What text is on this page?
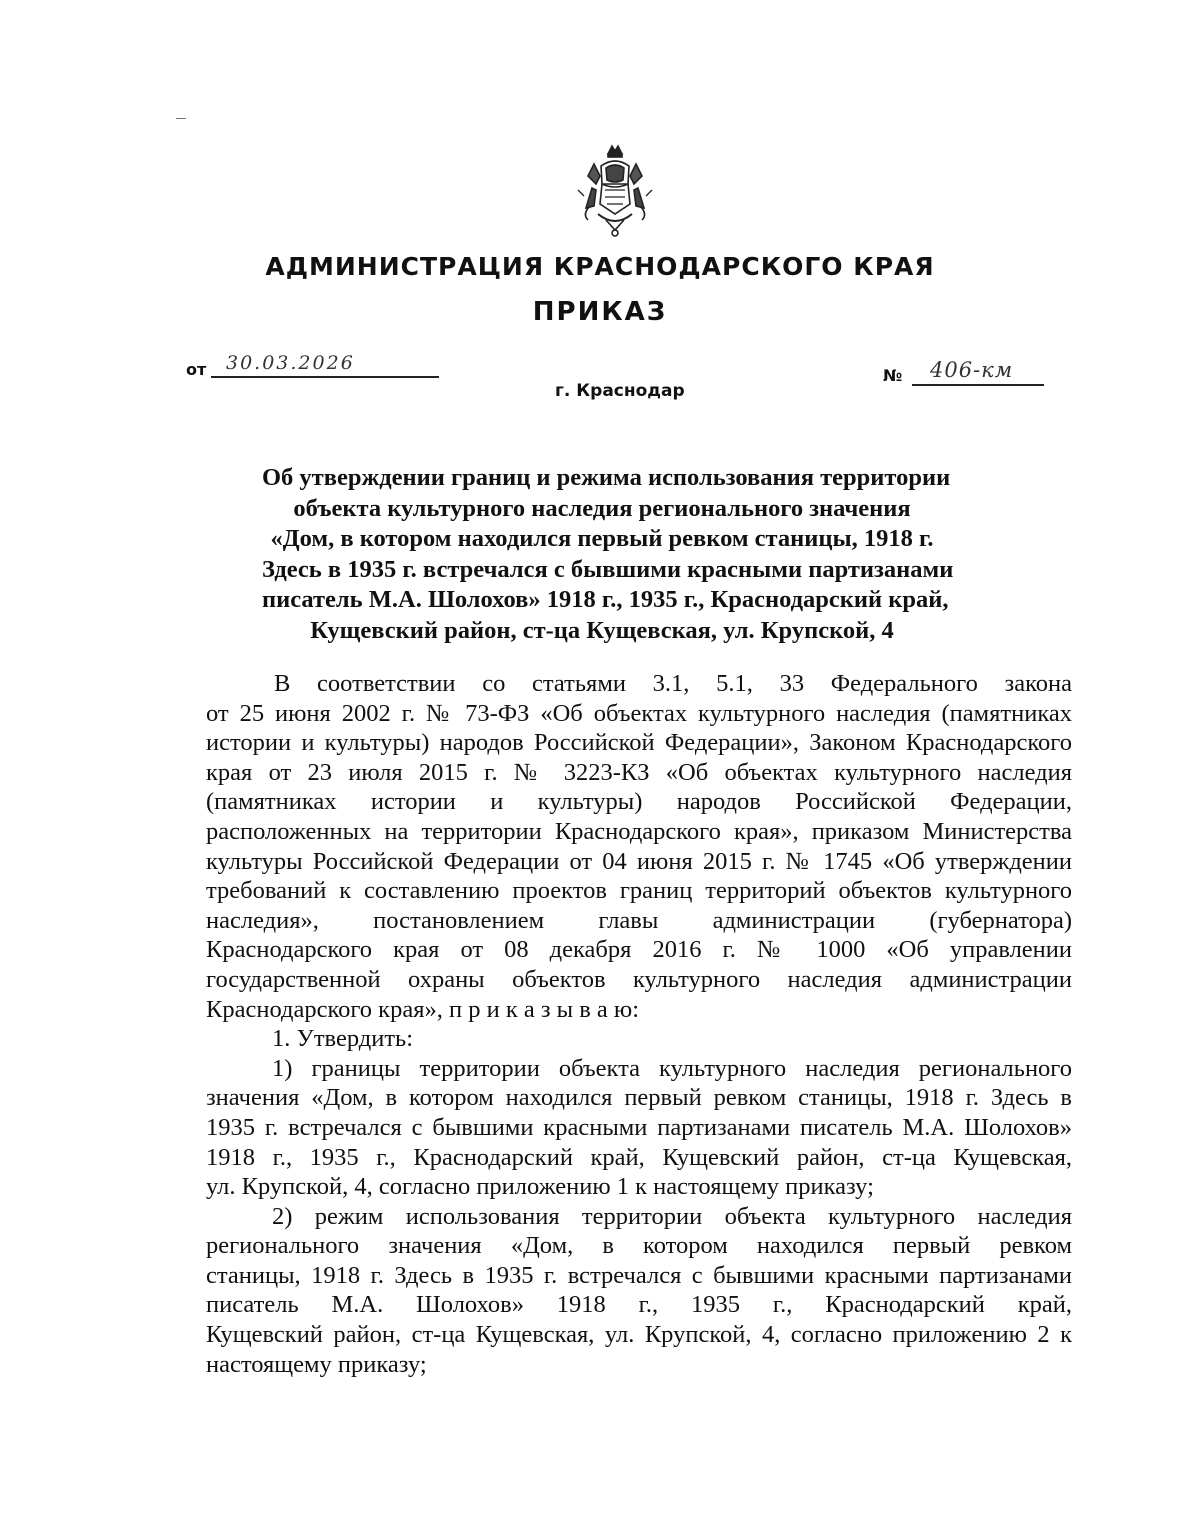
АДМИНИСТРАЦИЯ КРАСНОДАРСКОГО КРАЯ
ПРИКАЗ
от 30.03.2026
№ 406-км
г. Краснодар
Об утверждении границ и режима использования территории
объекта культурного наследия регионального значения
«Дом, в котором находился первый ревком станицы, 1918 г.
Здесь в 1935 г. встречался с бывшими красными партизанами
писатель М.А. Шолохов» 1918 г., 1935 г., Краснодарский край,
Кущевский район, ст-ца Кущевская, ул. Крупской, 4
В соответствии со статьями 3.1, 5.1, 33 Федерального закона
от 25 июня 2002 г. № 73-ФЗ «Об объектах культурного наследия (памятниках
истории и культуры) народов Российской Федерации», Законом Краснодарского
края от 23 июля 2015 г. № 3223-КЗ «Об объектах культурного наследия
(памятниках истории и культуры) народов Российской Федерации,
расположенных на территории Краснодарского края», приказом Министерства
культуры Российской Федерации от 04 июня 2015 г. № 1745 «Об утверждении
требований к составлению проектов границ территорий объектов культурного
наследия», постановлением главы администрации (губернатора)
Краснодарского края от 08 декабря 2016 г. № 1000 «Об управлении
государственной охраны объектов культурного наследия администрации
Краснодарского края», п р и к а з ы в а ю:
1. Утвердить:
1) границы территории объекта культурного наследия регионального
значения «Дом, в котором находился первый ревком станицы, 1918 г. Здесь в
1935 г. встречался с бывшими красными партизанами писатель М.А. Шолохов»
1918 г., 1935 г., Краснодарский край, Кущевский район, ст-ца Кущевская,
ул. Крупской, 4, согласно приложению 1 к настоящему приказу;
2) режим использования территории объекта культурного наследия
регионального значения «Дом, в котором находился первый ревком
станицы, 1918 г. Здесь в 1935 г. встречался с бывшими красными партизанами
писатель М.А. Шолохов» 1918 г., 1935 г., Краснодарский край,
Кущевский район, ст-ца Кущевская, ул. Крупской, 4, согласно приложению 2 к
настоящему приказу;
